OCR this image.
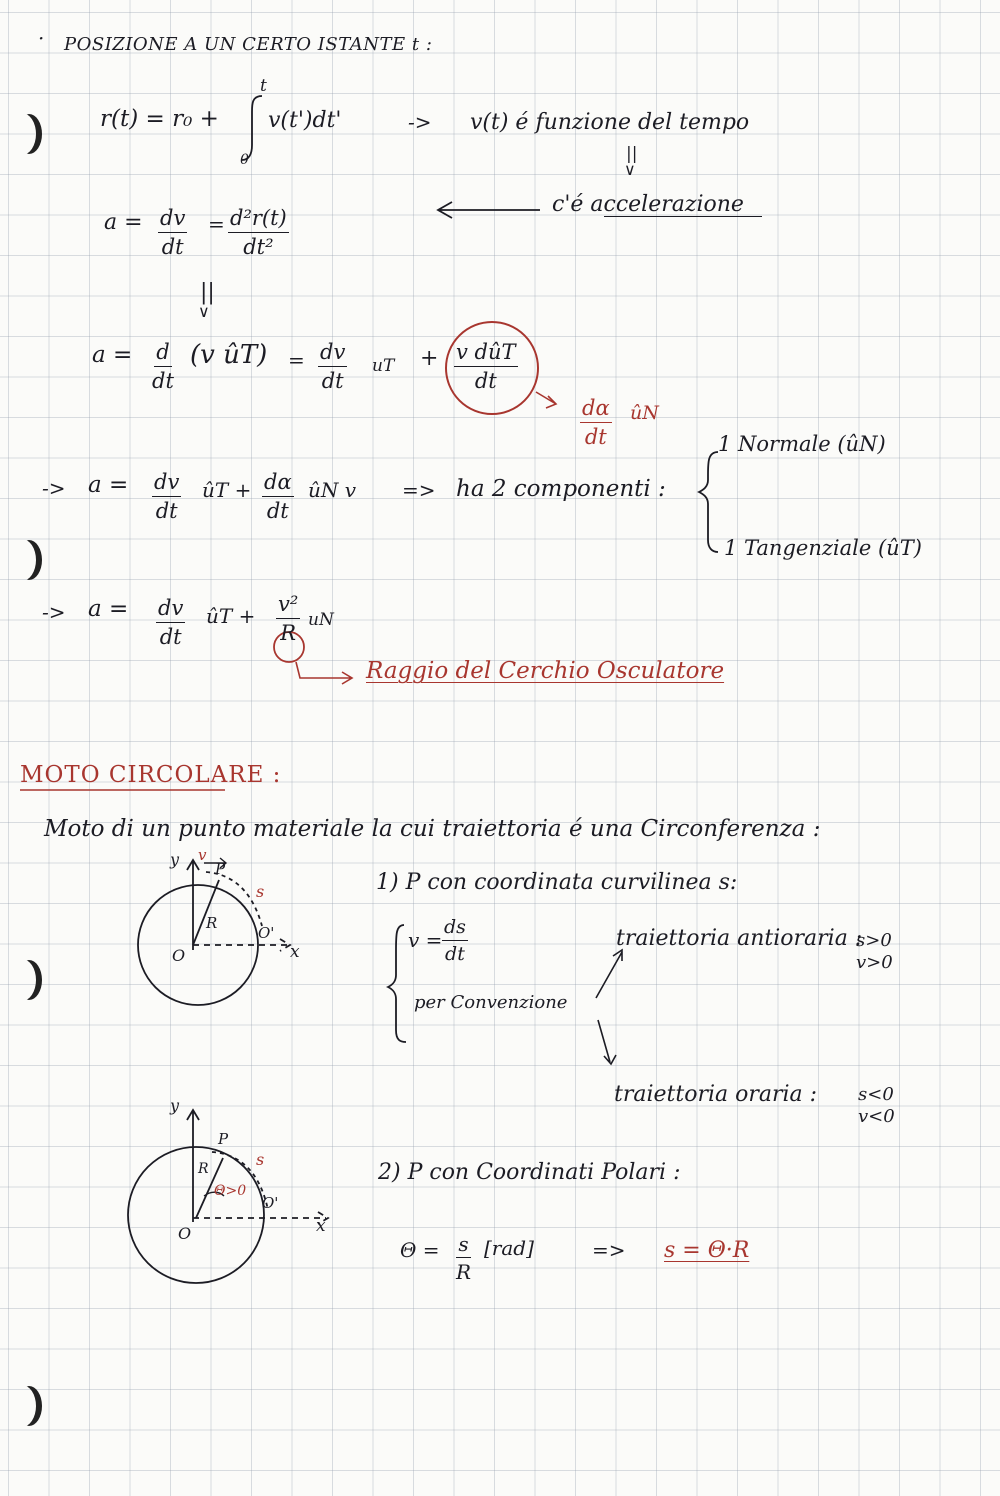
· POSIZIONE A UN CERTO ISTANTE t :
r(t) = r₀ +
t
0
v(t')dt'	-> v(t) é funzione del tempo
||
∨
c'é accelerazione
$a = \frac{dv}{dt} = \frac{\text{d²r(t)}}{\text{dt²}}$
||
∨
$a = \frac{d}{dt} (v$ ûT) = $\frac{dv}{dt}$ uT + v dûT
dt
$\frac{d\alpha}{dt}$ ûN
-> $a = \frac{dv}{dt}$ ûT + $\frac{d\alpha}{dt}$ ûN v => ha 2 componenti :
1 Normale (ûN)
1 Tangenziale (ûT)
-> $a = \frac{dv}{dt}$ ûT + $\frac{\text{v²}}{R}$ uN
Raggio del Cerchio Osculatore
MOTO CIRCOLARE :
Moto di un punto materiale la cui traiettoria é una Circonferenza :
y v
P
s
R
O
O'
x
1) P con coordinata curvilinea s:
$v = \frac{ds}{dt}$
per Convenzione
traiettoria antioraria :
s>0
v>0
traiettoria oraria : s<0
v<0
y
P
s
R
Θ>0
O
O'
x
2) P con Coordinati Polari :
$\Theta = \frac{s}{R} [rad]$	=> s = Θ·R
